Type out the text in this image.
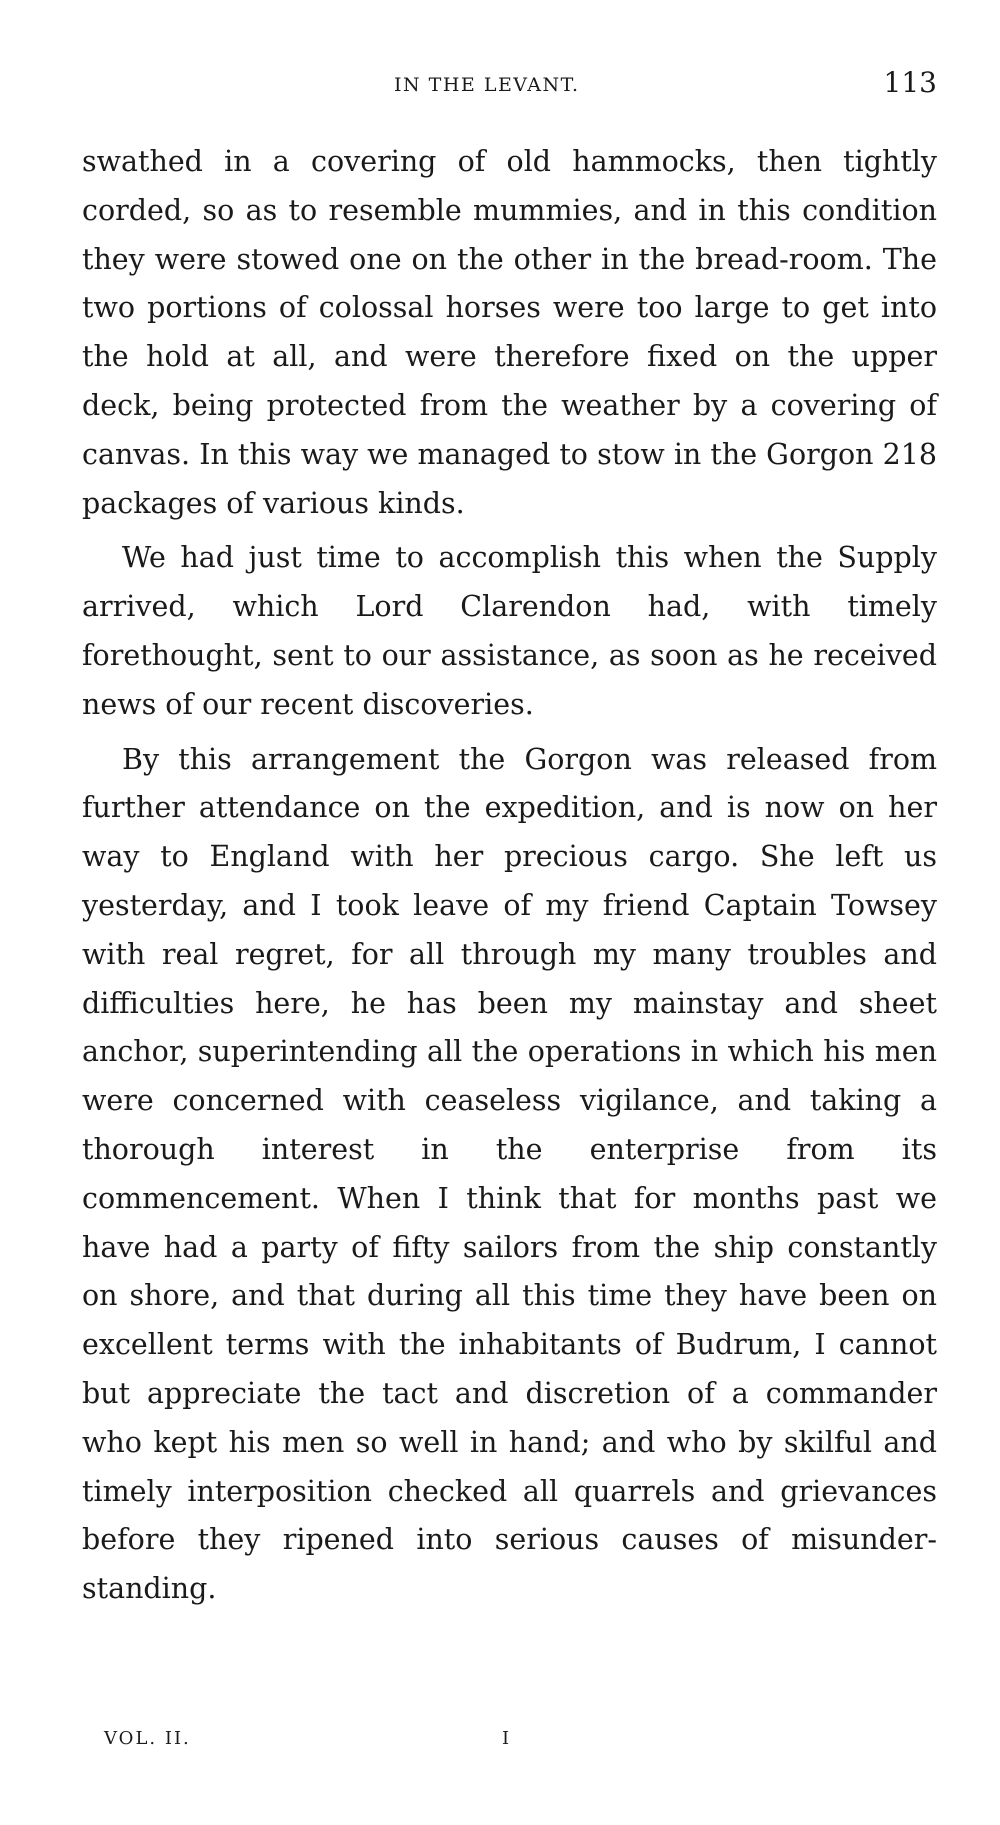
IN THE LEVANT.	113

swathed in a covering of old hammocks, then tightly corded, so as to resemble mummies, and in this condition they were stowed one on the other in the bread-room. The two portions of colossal horses were too large to get into the hold at all, and were therefore fixed on the upper deck, being protected from the weather by a covering of canvas. In this way we managed to stow in the Gorgon 218 packages of various kinds.

We had just time to accomplish this when the Supply arrived, which Lord Clarendon had, with timely forethought, sent to our assistance, as soon as he received news of our recent discoveries.

By this arrangement the Gorgon was released from further attendance on the expedition, and is now on her way to England with her precious cargo. She left us yesterday, and I took leave of my friend Captain Towsey with real regret, for all through my many troubles and difficulties here, he has been my mainstay and sheet anchor, superintending all the operations in which his men were concerned with ceaseless vigilance, and taking a thorough interest in the enterprise from its commencement. When I think that for months past we have had a party of fifty sailors from the ship constantly on shore, and that during all this time they have been on excellent terms with the inhabitants of Budrum, I cannot but appreciate the tact and discretion of a commander who kept his men so well in hand; and who by skilful and timely interposition checked all quarrels and grievances before they ripened into serious causes of misunderstanding.

VOL. II.	I
